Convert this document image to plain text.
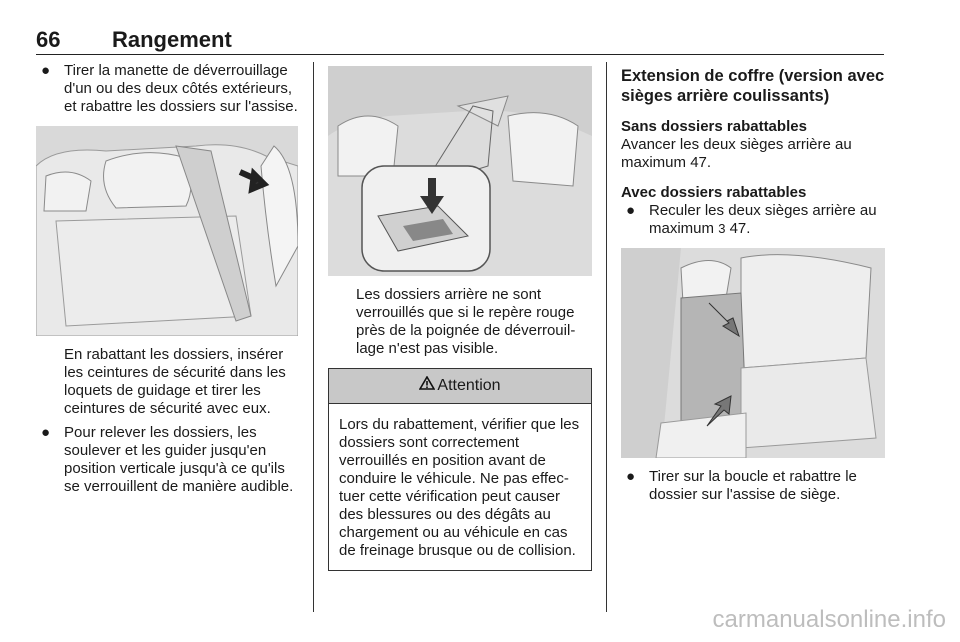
66 Rangement
● Tirer la manette de déverrouillage d'un ou des deux côtés extérieurs, et rabattre les dossiers sur l'assise.

En rabattant les dossiers, insérer les ceintures de sécurité dans les loquets de guidage et tirer les ceintures de sécurité avec eux.

● Pour relever les dossiers, les soulever et les guider jusqu'en position verticale jusqu'à ce qu'ils se verrouillent de manière audible.

Les dossiers arrière ne sont verrouillés que si le repère rouge près de la poignée de déverrouillage n'est pas visible.

Attention
Lors du rabattement, vérifier que les dossiers sont correctement verrouillés en position avant de conduire le véhicule. Ne pas effectuer cette vérification peut causer des blessures ou des dégâts au chargement ou au véhicule en cas de freinage brusque ou de collision.
Extension de coffre (version avec sièges arrière coulissants)
Sans dossiers rabattables

Avancer les deux sièges arrière au maximum 47.

Avec dossiers rabattables
● Reculer les deux sièges arrière au maximum 3 47.
● Tirer sur la boucle et rabattre le dossier sur l'assise de siège.
carmanualsonline.info
